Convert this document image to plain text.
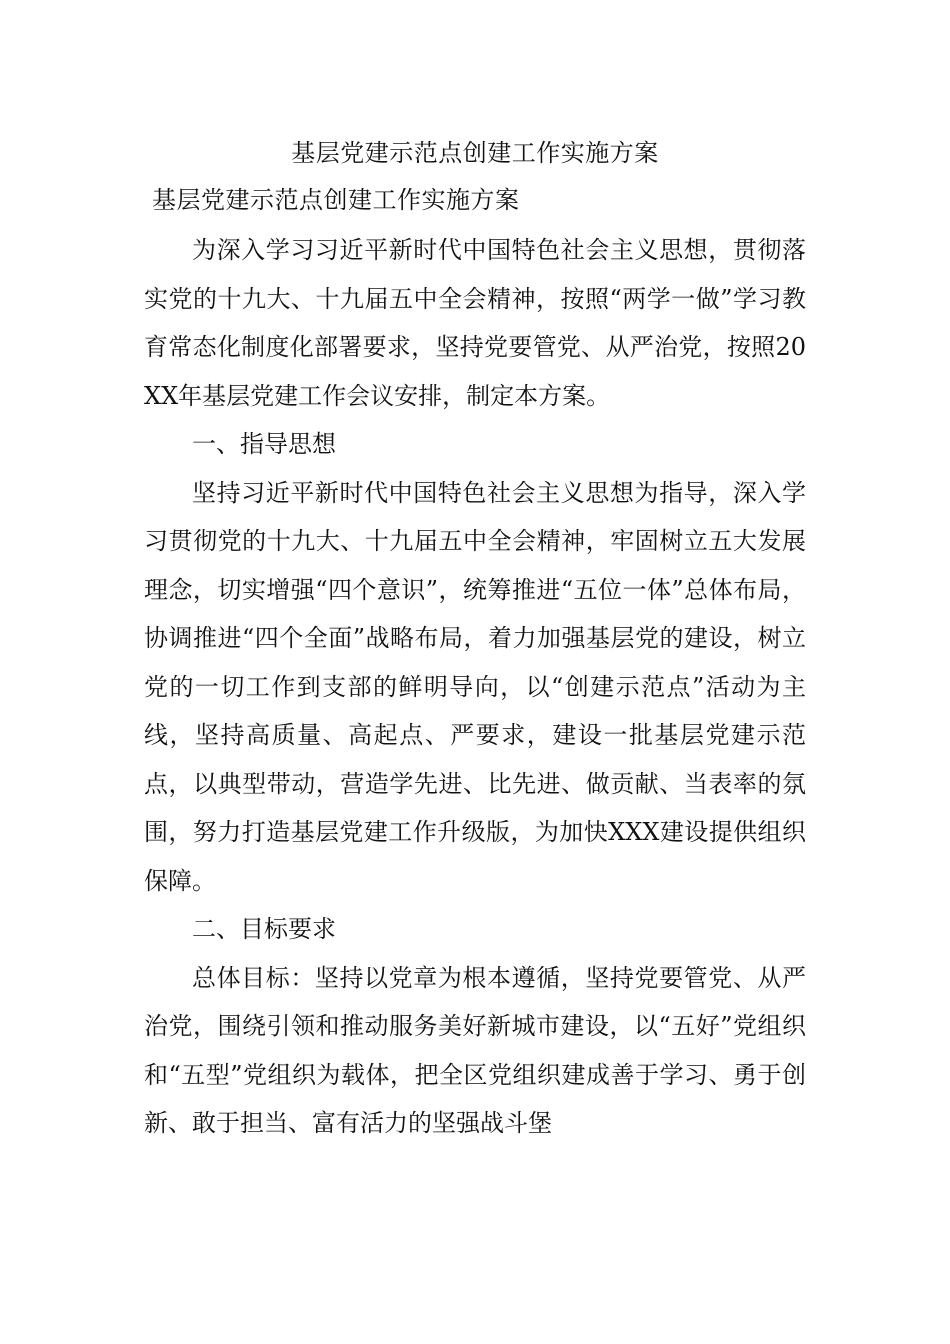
基层党建示范点创建工作实施方案
基层党建示范点创建工作实施方案

为深入学习习近平新时代中国特色社会主义思想，贯彻落实党的十九大、十九届五中全会精神，按照“两学一做”学习教育常态化制度化部署要求，坚持党要管党、从严治党，按照20XX年基层党建工作会议安排，制定本方案。

一、指导思想

坚持习近平新时代中国特色社会主义思想为指导，深入学习贯彻党的十九大、十九届五中全会精神，牢固树立五大发展理念，切实增强“四个意识”，统筹推进“五位一体”总体布局，协调推进“四个全面”战略布局，着力加强基层党的建设，树立党的一切工作到支部的鲜明导向，以“创建示范点”活动为主线，坚持高质量、高起点、严要求，建设一批基层党建示范点，以典型带动，营造学先进、比先进、做贡献、当表率的氛围，努力打造基层党建工作升级版，为加快XXX建设提供组织保障。

二、目标要求

总体目标：坚持以党章为根本遵循，坚持党要管党、从严治党，围绕引领和推动服务美好新城市建设，以“五好”党组织和“五型”党组织为载体，把全区党组织建成善于学习、勇于创新、敢于担当、富有活力的坚强战斗堡
